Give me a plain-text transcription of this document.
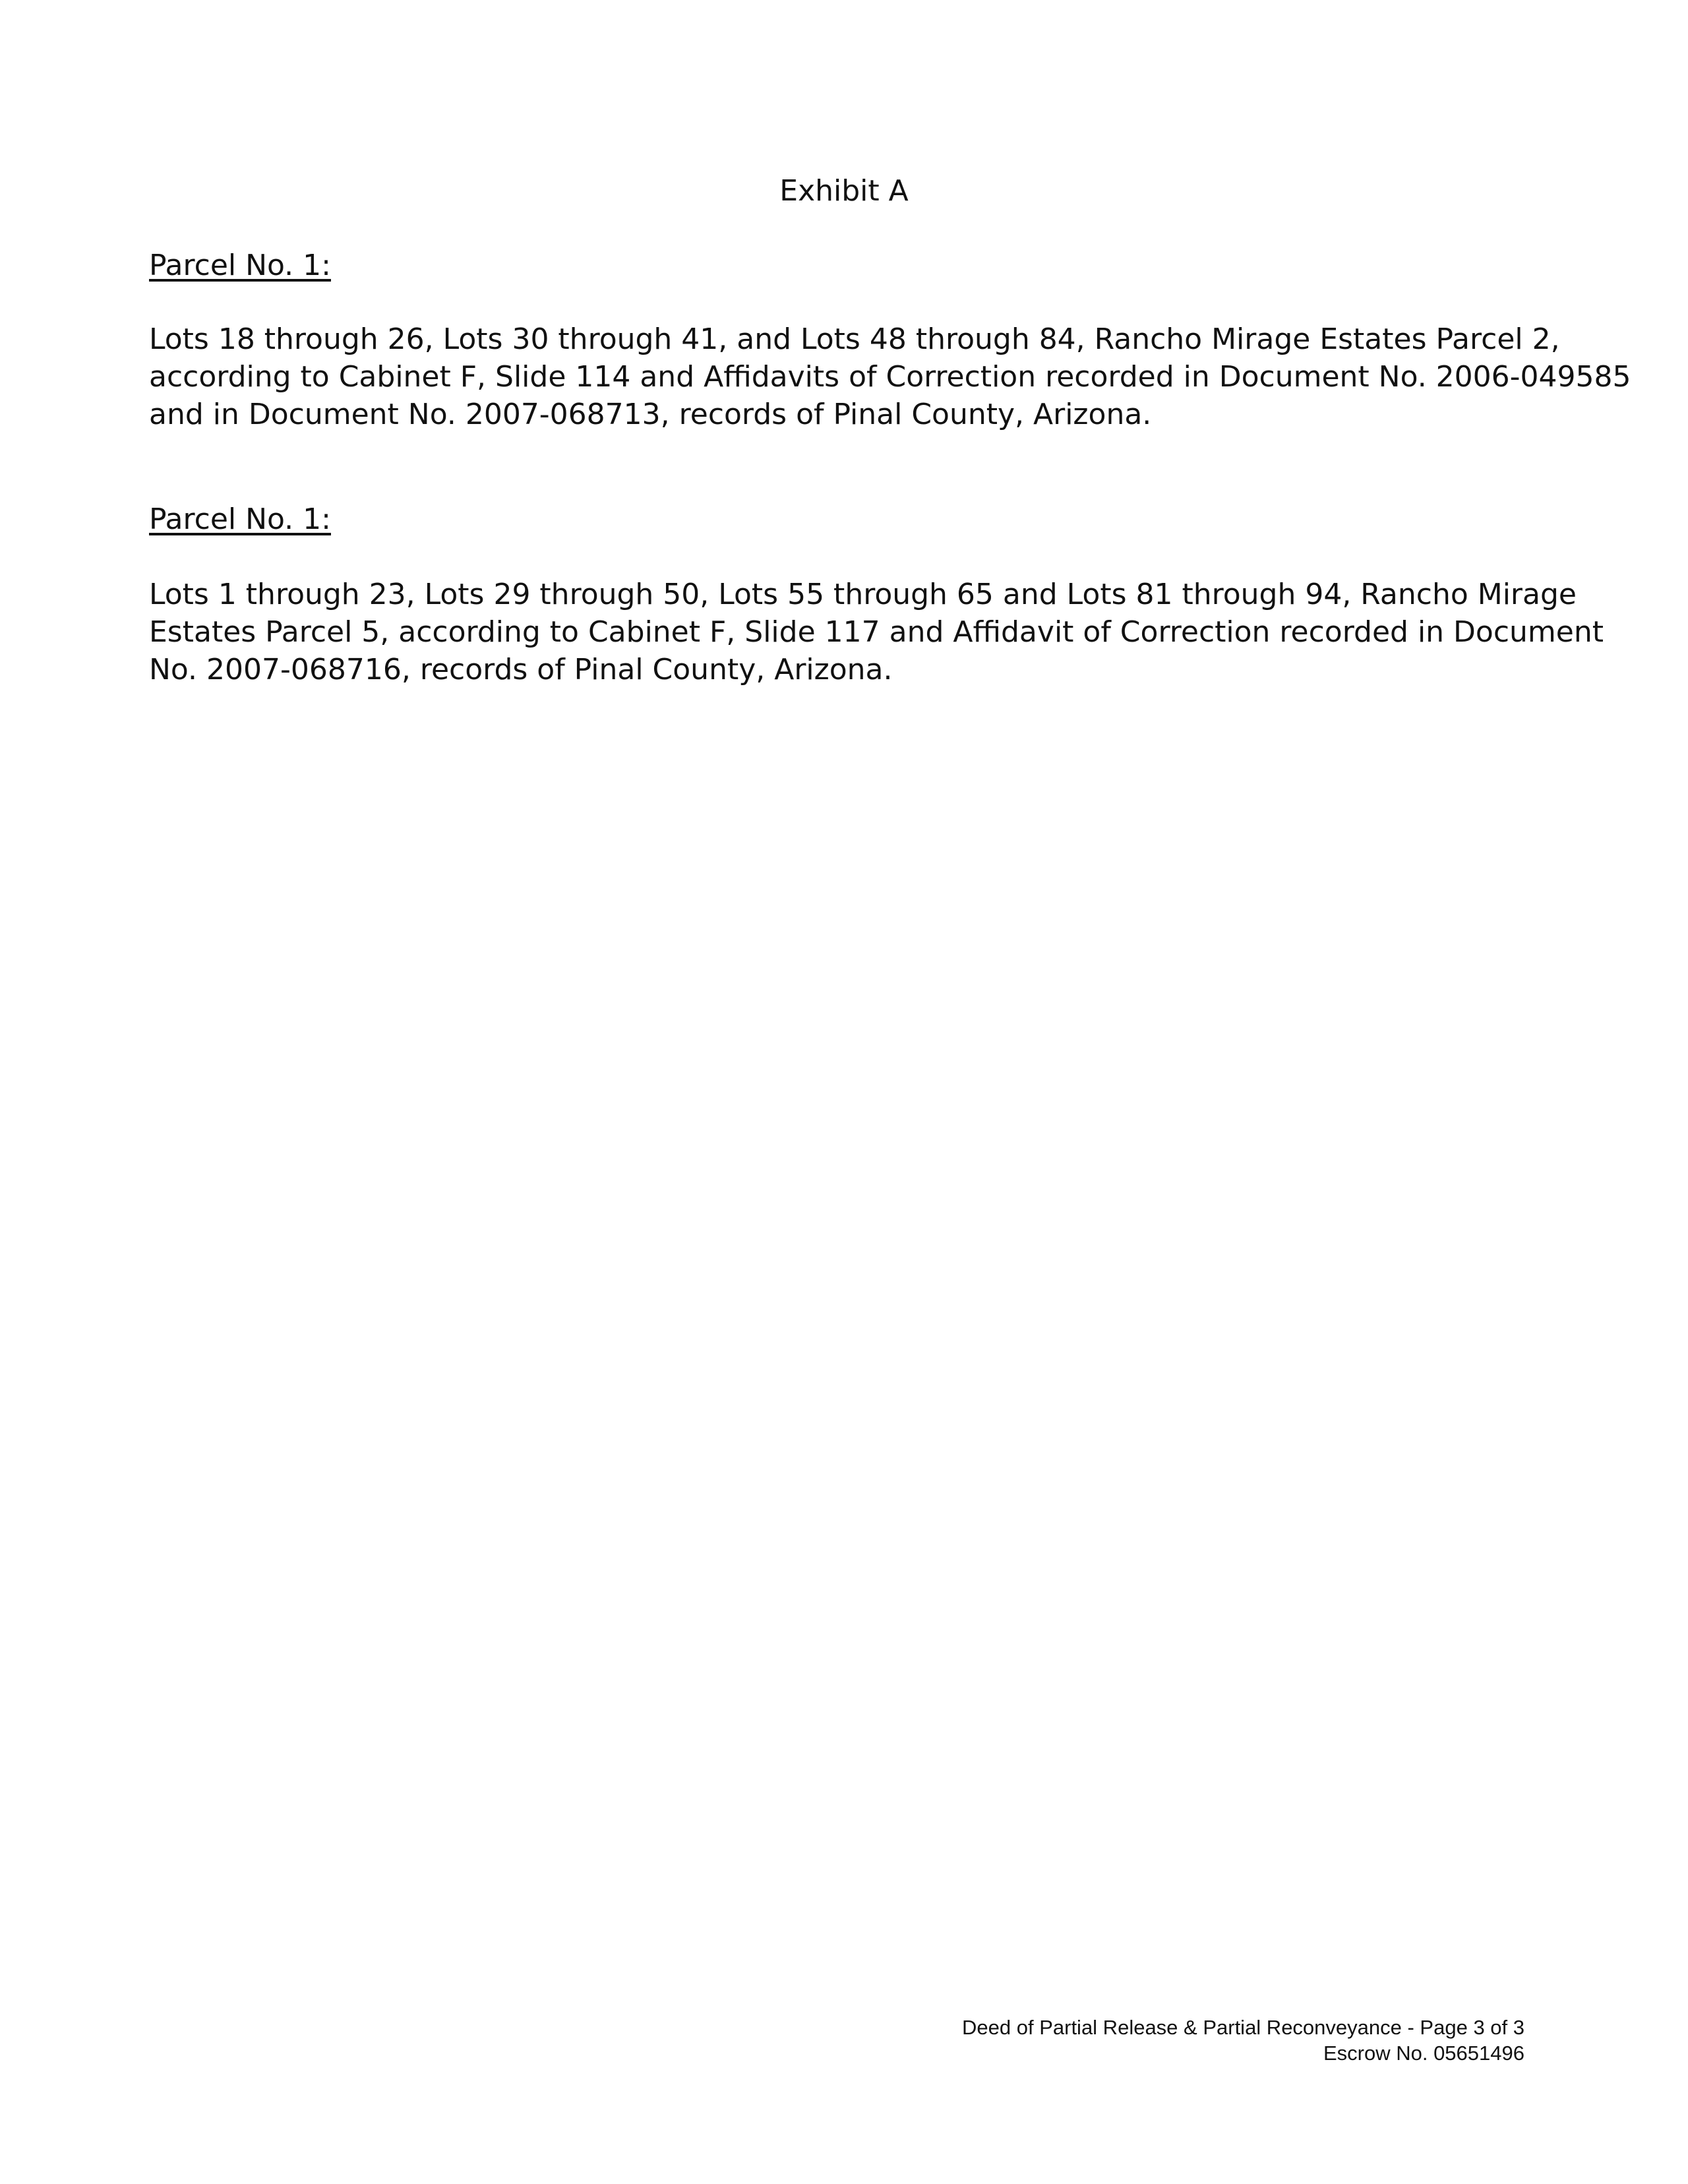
Exhibit A
Parcel No. 1:
Lots 18 through 26, Lots 30 through 41, and Lots 48 through 84, Rancho Mirage Estates Parcel 2,
according to Cabinet F, Slide 114 and Affidavits of Correction recorded in Document No. 2006-049585
and in Document No. 2007-068713, records of Pinal County, Arizona.
Parcel No. 1:
Lots 1 through 23, Lots 29 through 50, Lots 55 through 65 and Lots 81 through 94, Rancho Mirage
Estates Parcel 5, according to Cabinet F, Slide 117 and Affidavit of Correction recorded in Document
No. 2007-068716, records of Pinal County, Arizona.
Deed of Partial Release & Partial Reconveyance - Page 3 of 3
Escrow No. 05651496
